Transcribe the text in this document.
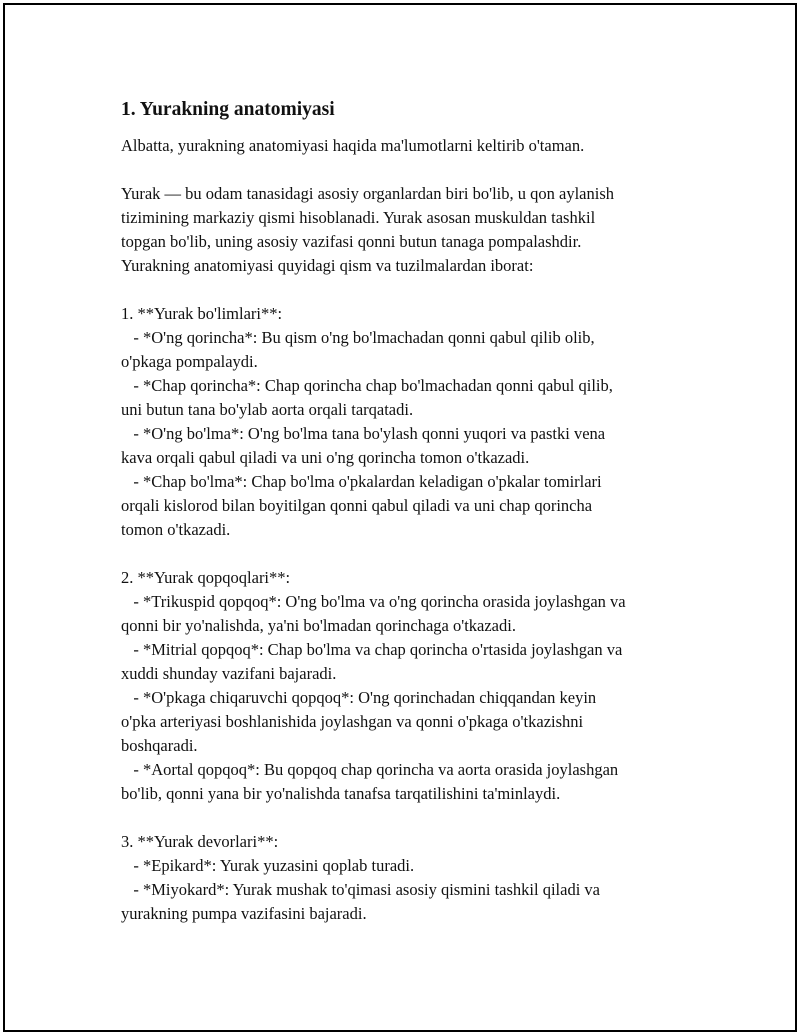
1. Yurakning anatomiyasi

Albatta, yurakning anatomiyasi haqida ma'lumotlarni keltirib o'taman.

Yurak — bu odam tanasidagi asosiy organlardan biri bo'lib, u qon aylanish
tizimining markaziy qismi hisoblanadi. Yurak asosan muskuldan tashkil
topgan bo'lib, uning asosiy vazifasi qonni butun tanaga pompalashdir.
Yurakning anatomiyasi quyidagi qism va tuzilmalardan iborat:
1. **Yurak bo'limlari**:
- *O'ng qorincha*: Bu qism o'ng bo'lmachadan qonni qabul qilib olib,
o'pkaga pompalaydi.
- *Chap qorincha*: Chap qorincha chap bo'lmachadan qonni qabul qilib,
uni butun tana bo'ylab aorta orqali tarqatadi.
- *O'ng bo'lma*: O'ng bo'lma tana bo'ylash qonni yuqori va pastki vena
kava orqali qabul qiladi va uni o'ng qorincha tomon o'tkazadi.
- *Chap bo'lma*: Chap bo'lma o'pkalardan keladigan o'pkalar tomirlari
orqali kislorod bilan boyitilgan qonni qabul qiladi va uni chap qorincha
tomon o'tkazadi.
2. **Yurak qopqoqlari**:
- *Trikuspid qopqoq*: O'ng bo'lma va o'ng qorincha orasida joylashgan va
qonni bir yo'nalishda, ya'ni bo'lmadan qorinchaga o'tkazadi.
- *Mitrial qopqoq*: Chap bo'lma va chap qorincha o'rtasida joylashgan va
xuddi shunday vazifani bajaradi.
- *O'pkaga chiqaruvchi qopqoq*: O'ng qorinchadan chiqqandan keyin
o'pka arteriyasi boshlanishida joylashgan va qonni o'pkaga o'tkazishni
boshqaradi.
- *Aortal qopqoq*: Bu qopqoq chap qorincha va aorta orasida joylashgan
bo'lib, qonni yana bir yo'nalishda tanafsa tarqatilishini ta'minlaydi.
3. **Yurak devorlari**:
- *Epikard*: Yurak yuzasini qoplab turadi.
- *Miyokard*: Yurak mushak to'qimasi asosiy qismini tashkil qiladi va
yurakning pumpa vazifasini bajaradi.
